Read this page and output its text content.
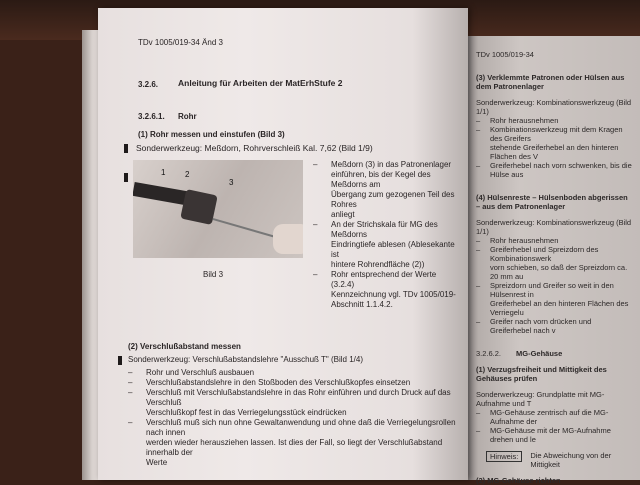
TDv 1005/019-34
(3) Verklemmte Patronen oder Hülsen aus dem Patronenlager
Sonderwerkzeug: Kombinationswerkzeug (Bild 1/1)
–	Rohr herausnehmen
–	Kombinationswerkzeug mit dem Kragen des Greifers
stehende Greiferhebel an den hinteren Flächen des V
–	Greiferhebel nach vorn schwenken, bis die Hülse aus
(4) Hülsenreste – Hülsenboden abgerissen – aus dem Patronenlager
Sonderwerkzeug: Kombinationswerkzeug (Bild 1/1)
–	Rohr herausnehmen
–	Greiferhebel und Spreizdorn des Kombinationswerk
vorn schieben, so daß der Spreizdorn ca. 20 mm au
–	Spreizdorn und Greifer so weit in den Hülsenrest in
Greiferhebel an den hinteren Flächen des Verriegelu
–	Greifer nach vorn drücken und Greiferhebel nach v
3.2.6.2.	MG-Gehäuse
(1) Verzugsfreiheit und Mittigkeit des Gehäuses prüfen
Sonderwerkzeug: Grundplatte mit MG-Aufnahme und T
–	MG-Gehäuse zentrisch auf die MG-Aufnahme der
–	MG-Gehäuse mit der MG-Aufnahme drehen und le
Hinweis:	Die Abweichung von der Mittigkeit
(2) MG-Gehäuse richten
TDv 1005/019-34 Änd 3
3.2.6. Anleitung für Arbeiten der MatErhStufe 2
3.2.6.1. Rohr
(1) Rohr messen und einstufen (Bild 3)
Sonderwerkzeug: Meßdorn, Rohrverschleiß Kal. 7,62 (Bild 1/9)
1 2
3
Bild 3
–	Meßdorn (3) in das Patronenlager
einführen, bis der Kegel des Meßdorns am
Übergang zum gezogenen Teil des Rohres
anliegt
–	An der Strichskala für MG des Meßdorns
Eindringtiefe ablesen (Ablesekante ist
hintere Rohrendfläche (2))
–	Rohr entsprechend der Werte (3.2.4)
Kennzeichnung vgl. TDv 1005/019-
Abschnitt 1.1.4.2.
(2) Verschlußabstand messen
Sonderwerkzeug: Verschlußabstandslehre "Ausschuß T" (Bild 1/4)
–	Rohr und Verschluß ausbauen
–	Verschlußabstandslehre in den Stoßboden des Verschlußkopfes einsetzen
–	Verschluß mit Verschlußabstandslehre in das Rohr einführen und durch Druck auf das Verschluß
Verschlußkopf fest in das Verriegelungsstück eindrücken
–	Verschluß muß sich nun ohne Gewaltanwendung und ohne daß die Verriegelungsrollen nach innen
werden wieder herausziehen lassen. Ist dies der Fall, so liegt der Verschlußabstand innerhalb der
Werte
